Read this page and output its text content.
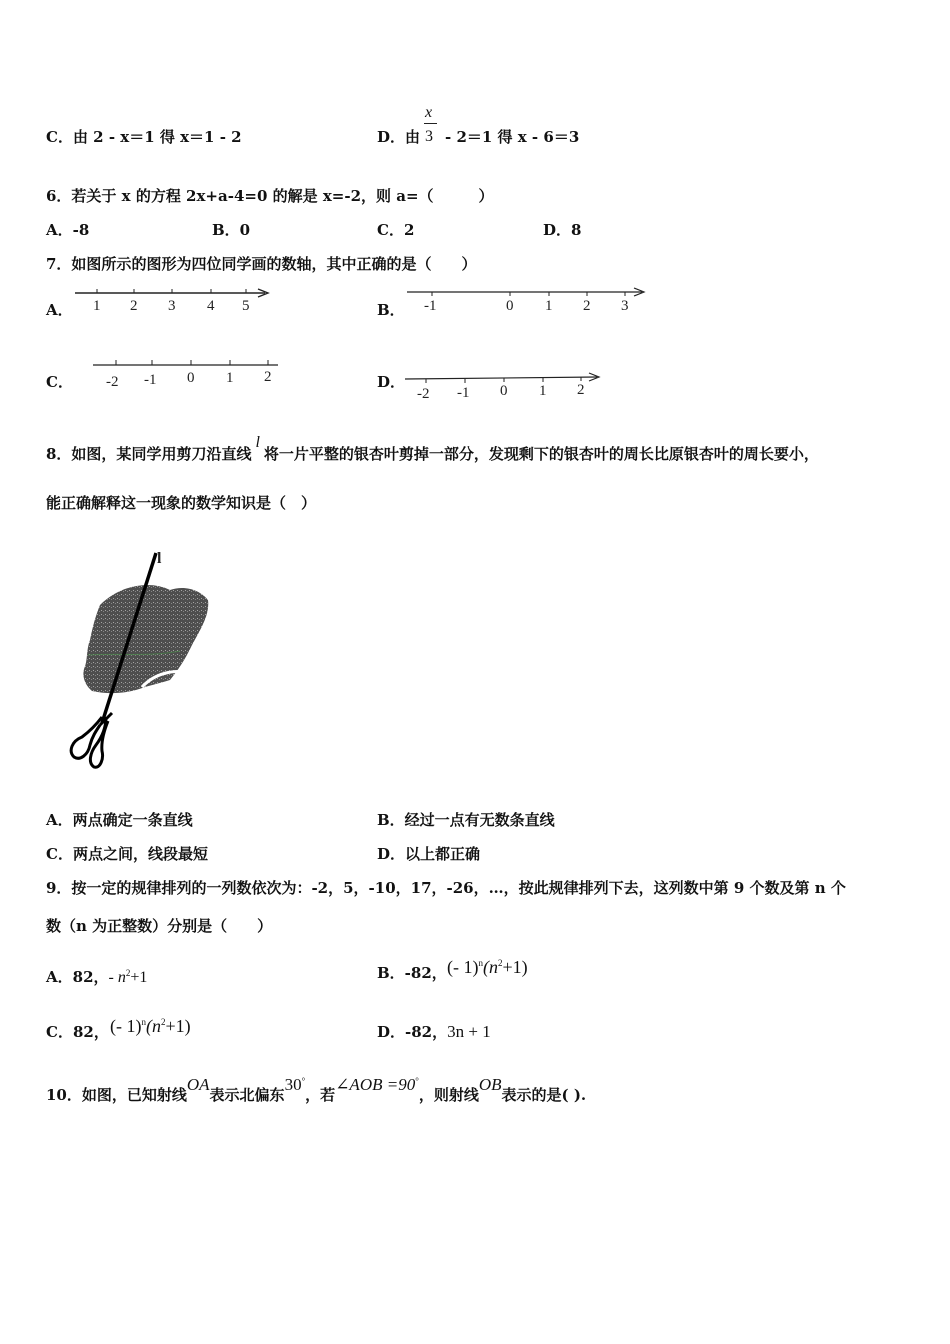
C．由 2 - x＝1 得 x＝1 - 2	D．由
x
3 - 2＝1 得 x - 6＝3
6．若关于 x 的方程 2x+a-4=0 的解是 x=-2，则 a=（　　　）
A．-8	B．0	C．2	D．8
7．如图所示的图形为四位同学画的数轴，其中正确的是（　　）
A．	B．
C．	D．
1 2 3 4 5	-1	0 1 2 3
-2 -1 0 1 2
-2 -1 0 1 2
8．如图，某同学用剪刀沿直线l将一片平整的银杏叶剪掉一部分，发现剩下的银杏叶的周长比原银杏叶的周长要小，
能正确解释这一现象的数学知识是（　）
l
A．两点确定一条直线	B．经过一点有无数条直线
C．两点之间，线段最短	D．以上都正确
9．按一定的规律排列的一列数依次为：-2，5，-10，17，-26，…，按此规律排列下去，这列数中第 9 个数及第 n 个
数（n 为正整数）分别是（　　）
A．82，- $n^2+1$	B．-82， (- $1)^n(n^2+1)$
C．82， (- $1)^n(n^2+1)$	D．-82，3n + 1
10．如图，已知射线OA表示北偏东30°，若∠AOB =90°，则射线OB表示的是( ).
